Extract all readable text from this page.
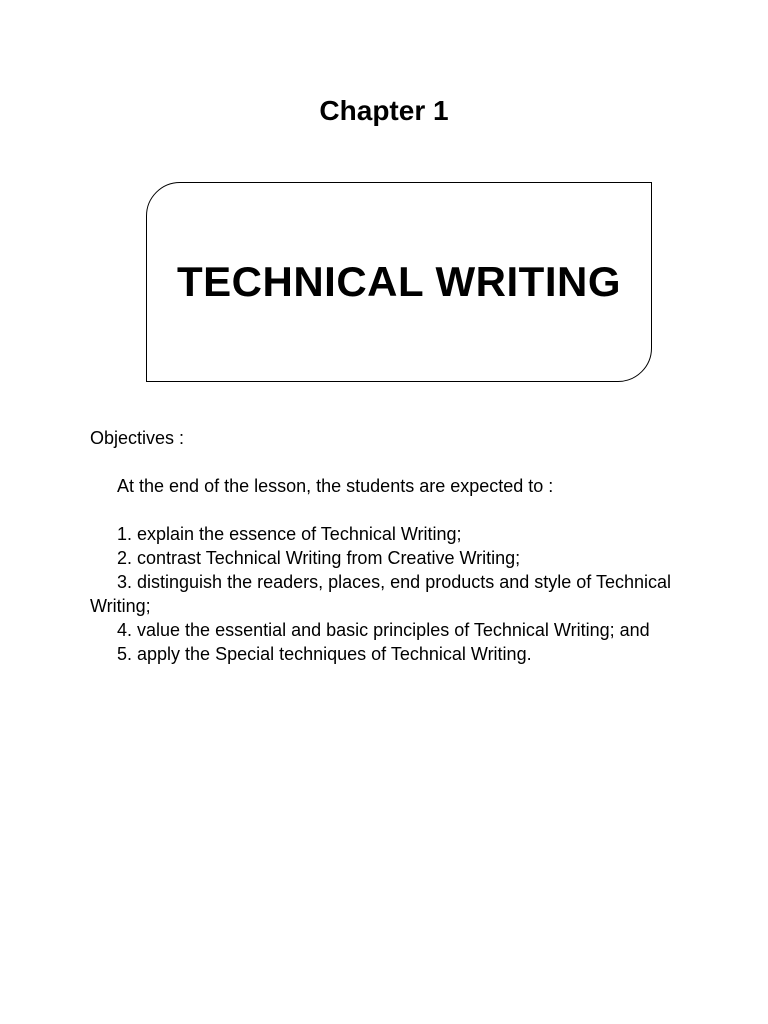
Chapter 1
TECHNICAL WRITING

Objectives :

At the end of the lesson, the students are expected to :

1. explain the essence of Technical Writing;

2. contrast Technical Writing from Creative Writing;

3. distinguish the readers, places, end products and style of Technical Writing;

4. value the essential and basic principles of Technical Writing; and

5. apply the Special techniques of Technical Writing.
